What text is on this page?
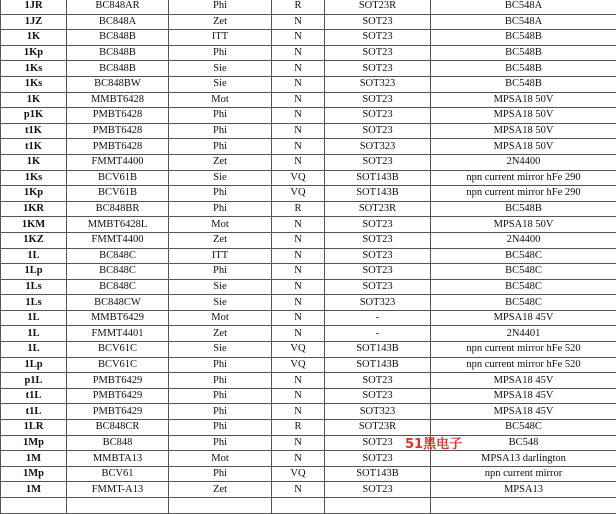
1JR	BC848AR	Phi	R	SOT23R	BC548A
1JZ	BC848A	Zet	N	SOT23	BC548A
1K	BC848B	ITT	N	SOT23	BC548B
1Kp	BC848B	Phi	N	SOT23	BC548B
1Ks	BC848B	Sie	N	SOT23	BC548B
1Ks	BC848BW	Sie	N	SOT323	BC548B
1K	MMBT6428	Mot	N	SOT23	MPSA18 50V
p1K	PMBT6428	Phi	N	SOT23	MPSA18 50V
t1K	PMBT6428	Phi	N	SOT23	MPSA18 50V
t1K	PMBT6428	Phi	N	SOT323	MPSA18 50V
1K	FMMT4400	Zet	N	SOT23	2N4400
1Ks	BCV61B	Sie	VQ	SOT143B	npn current mirror hFe 290
1Kp	BCV61B	Phi	VQ	SOT143B	npn current mirror hFe 290
1KR	BC848BR	Phi	R	SOT23R	BC548B
1KM	MMBT6428L	Mot	N	SOT23	MPSA18 50V
1KZ	FMMT4400	Zet	N	SOT23	2N4400
1L	BC848C	ITT	N	SOT23	BC548C
1Lp	BC848C	Phi	N	SOT23	BC548C
1Ls	BC848C	Sie	N	SOT23	BC548C
1Ls	BC848CW	Sie	N	SOT323	BC548C
1L	MMBT6429	Mot	N	-	MPSA18 45V
1L	FMMT4401	Zet	N	-	2N4401
1L	BCV61C	Sie	VQ	SOT143B	npn current mirror hFe 520
1Lp	BCV61C	Phi	VQ	SOT143B	npn current mirror hFe 520
p1L	PMBT6429	Phi	N	SOT23	MPSA18 45V
t1L	PMBT6429	Phi	N	SOT23	MPSA18 45V
t1L	PMBT6429	Phi	N	SOT323	MPSA18 45V
1LR	BC848CR	Phi	R	SOT23R	BC548C
1Mp	BC848	Phi	N	SOT23	BC548
1M	MMBTA13	Mot	N	SOT23	MPSA13 darlington
1Mp	BCV61	Phi	VQ	SOT143B	npn current mirror
1M	FMMT-A13	Zet	N	SOT23	MPSA13

51黑电子
